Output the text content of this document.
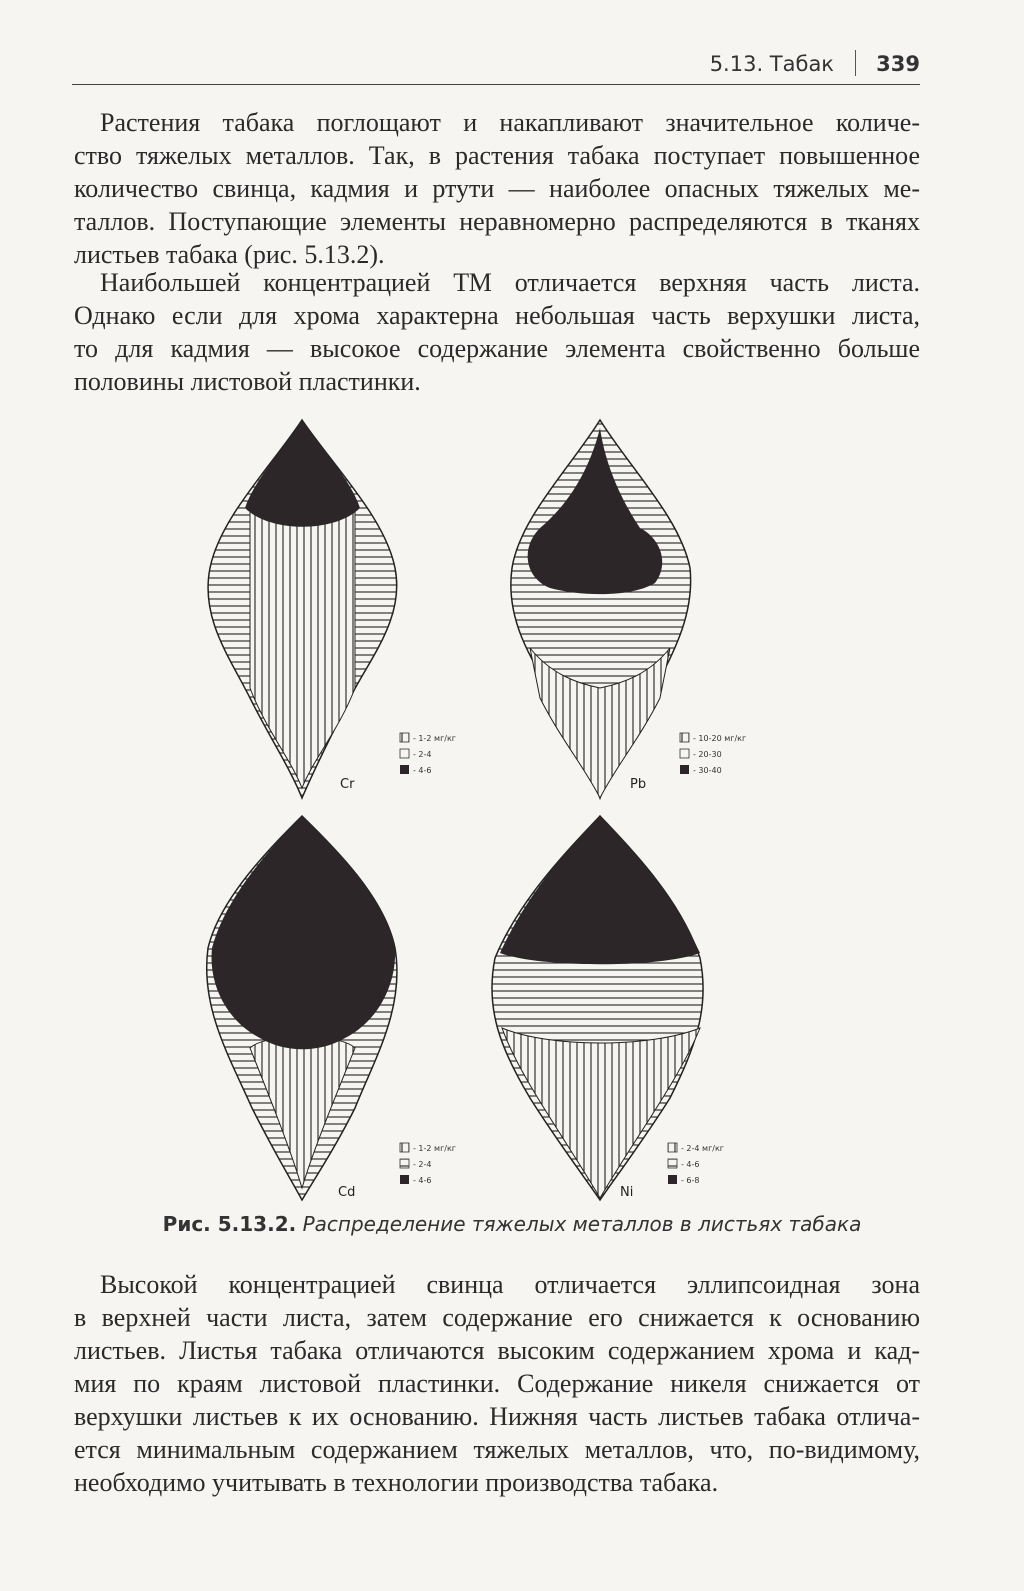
5.13. Табак 339

Растения табака поглощают и накапливают значительное количе-
ство тяжелых металлов. Так, в растения табака поступает повышенное
количество свинца, кадмия и ртути — наиболее опасных тяжелых ме-
таллов. Поступающие элементы неравномерно распределяются в тканях
листьев табака (рис. 5.13.2).

Наибольшей концентрацией ТМ отличается верхняя часть листа.
Однако если для хрома характерна небольшая часть верхушки листа,
то для кадмия — высокое содержание элемента свойственно больше
половины листовой пластинки.

Cr
- 1-2 мг/кг
- 2-4
- 4-6
Pb
- 10-20 мг/кг
- 20-30
- 30-40
Cd
- 1-2 мг/кг
- 2-4
- 4-6
Ni
- 2-4 мг/кг
- 4-6
- 6-8
Рис. 5.13.2. Распределение тяжелых металлов в листьях табака

Высокой концентрацией свинца отличается эллипсоидная зона
в верхней части листа, затем содержание его снижается к основанию
листьев. Листья табака отличаются высоким содержанием хрома и кад-
мия по краям листовой пластинки. Содержание никеля снижается от
верхушки листьев к их основанию. Нижняя часть листьев табака отлича-
ется минимальным содержанием тяжелых металлов, что, по-видимому,
необходимо учитывать в технологии производства табака.
